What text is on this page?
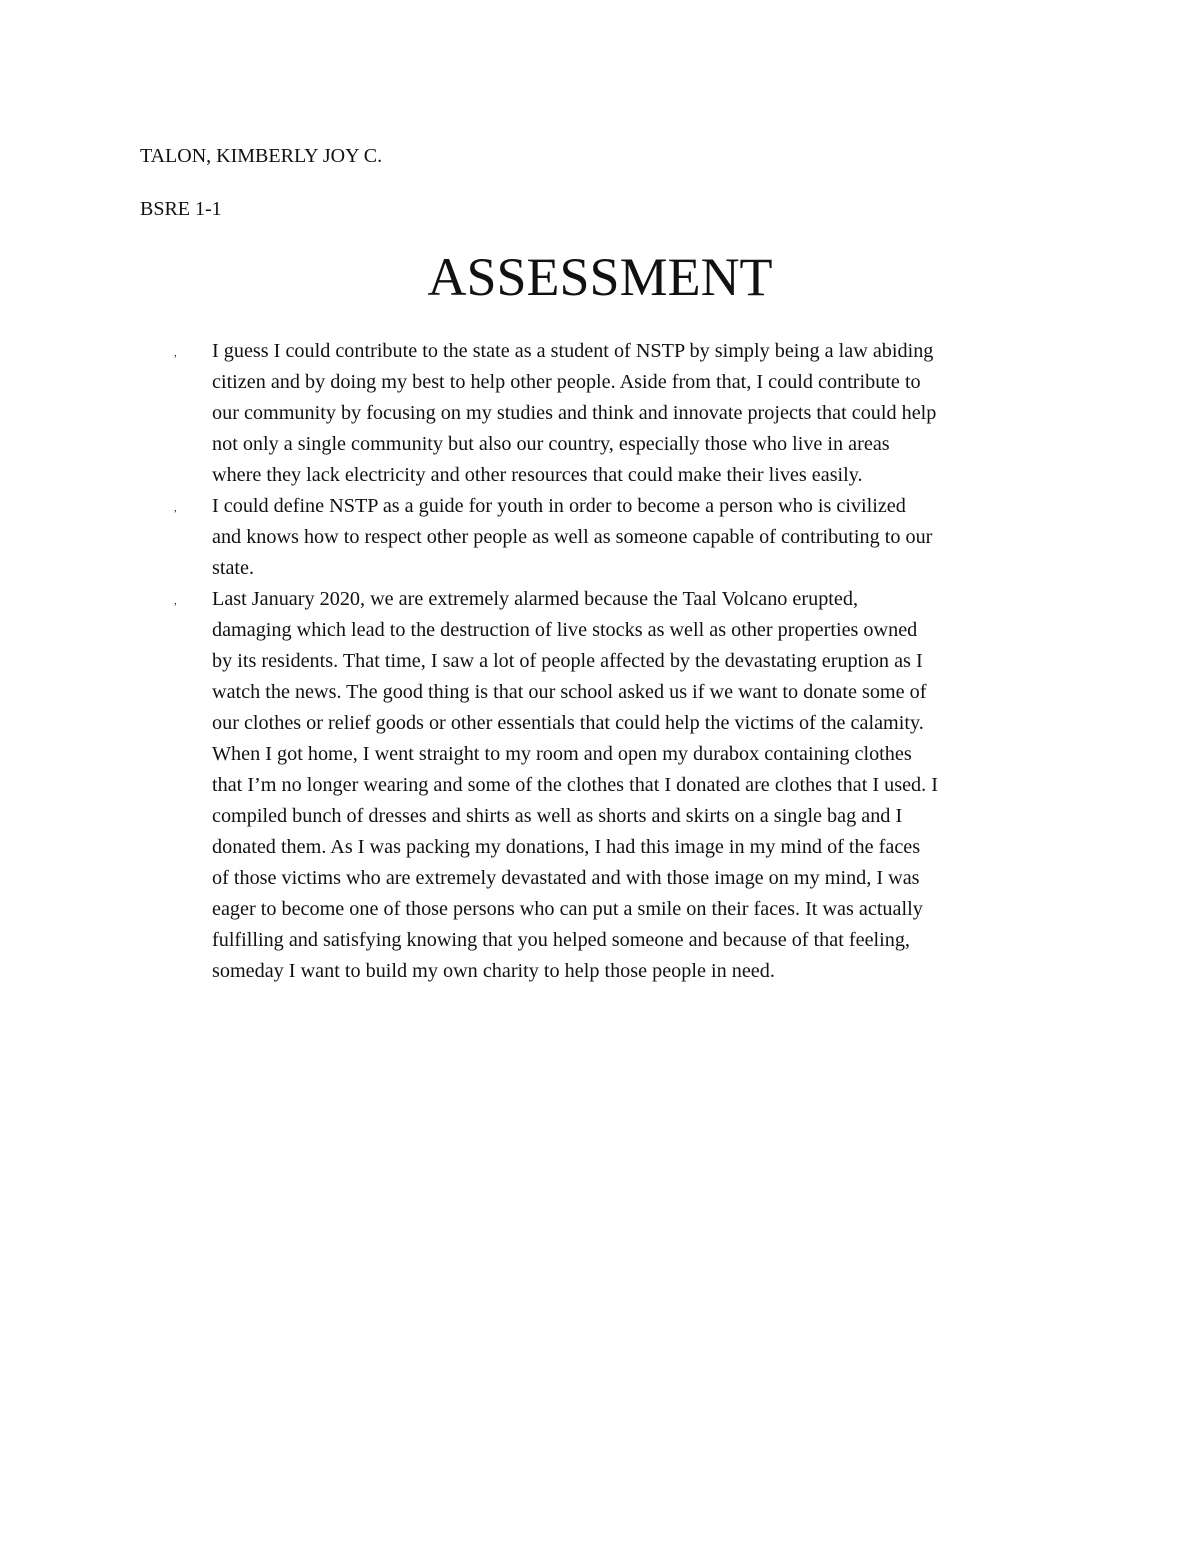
TALON, KIMBERLY JOY C.

BSRE 1-1

ASSESSMENT
, I guess I could contribute to the state as a student of NSTP by simply being a law abiding
citizen and by doing my best to help other people. Aside from that, I could contribute to
our community by focusing on my studies and think and innovate projects that could help
not only a single community but also our country, especially those who live in areas
where they lack electricity and other resources that could make their lives easily.
, I could define NSTP as a guide for youth in order to become a person who is civilized
and knows how to respect other people as well as someone capable of contributing to our
state.
, Last January 2020, we are extremely alarmed because the Taal Volcano erupted,
damaging which lead to the destruction of live stocks as well as other properties owned
by its residents. That time, I saw a lot of people affected by the devastating eruption as I
watch the news. The good thing is that our school asked us if we want to donate some of
our clothes or relief goods or other essentials that could help the victims of the calamity.
When I got home, I went straight to my room and open my durabox containing clothes
that I’m no longer wearing and some of the clothes that I donated are clothes that I used. I
compiled bunch of dresses and shirts as well as shorts and skirts on a single bag and I
donated them. As I was packing my donations, I had this image in my mind of the faces
of those victims who are extremely devastated and with those image on my mind, I was
eager to become one of those persons who can put a smile on their faces. It was actually
fulfilling and satisfying knowing that you helped someone and because of that feeling,
someday I want to build my own charity to help those people in need.
